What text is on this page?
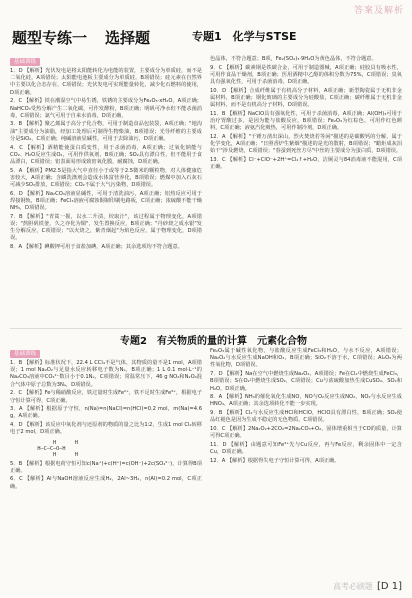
答案及解析
题型专练一 选择题	专题1　化学与STSE
基础训练
1．D 【解析】光伏发电是将太阳能转化为电能的装置，主要成分为单质硅，而不是二氧化硅，A项错误；太阳能电池板主要成分为单质硅，B项错误；硅元素在自然界中主要以化合态存在，C项错误；光伏发电可实现能量转化，减少化石燃料的使用，D项正确。
2．C 【解析】铁在潮湿空气中易生锈，铁锈的主要成分为Fe₂O₃·xH₂O，A项正确；NaHCO₃受热分解产生二氧化碳，可作发酵粉，B项正确；明矾可净水但不能杀菌消毒，C项错误；氯气可用于自来水消毒，D项正确。
3．B 【解析】聚乙烯属于高分子化合物，可用于制造食品包装袋，A项正确；"地沟油"主要成分为油脂，经加工处理后可制得生物柴油，B项错误；光导纤维的主要成分是SiO₂，C项正确；纯碱溶液显碱性，可用于去除油污，D项正确。
4．C 【解析】酒精能使蛋白质变性，用于杀菌消毒，A项正确；过氧化钠能与CO₂、H₂O反应生成O₂，可用作供氧剂，B项正确；SO₂具有漂白性，但不能用于食品漂白，C项错误；铝表面易形成致密氧化膜，耐腐蚀，D项正确。
5．A 【解析】PM2.5是指大气中直径小于或等于2.5微米的颗粒物，对人体健康危害较大，A项正确；含磷洗涤剂会造成水体富营养化，B项错误；燃煤中加入石灰石可减少SO₂排放，C项错误；CO₂不属于大气污染物，D项错误。
6．D 【解析】Na₂CO₃溶液显碱性，可用于清洗油污，A项正确；铝热反应可用于焊接钢轨，B项正确；FeCl₃溶液可腐蚀铜制印刷电路板，C项正确；浓硫酸不能干燥NH₃，D项错误。
7．B 【解析】"青蒿一握，以水二升渍，绞取汁"，该过程属于物理变化，A项错误；"熬胆矾铁釜，久之亦化为铜"，发生置换反应，B项正确；"丹砂烧之成水银"发生分解反应，C项错误；"以火烧之，紫青烟起"为焰色反应，属于物理变化，D项错误。
8．A 【解析】碘酸钾可用于食盐加碘，A项正确；其余选项均不符合题意。
色晶体，不符合题意；B项，Fe₂(SO₄)₃·9H₂O为黄色晶体，不符合题意。
9．C 【解析】碳素钢是铁碳合金，可用于制造器械，A项正确；硅胶具有吸水性，可用作食品干燥剂，B项正确；医用酒精中乙醇的体积分数为75%，C项错误；臭氧具有强氧化性，可用于杀菌消毒，D项正确。
10．D 【解析】合成纤维属于有机高分子材料，A项正确；新型陶瓷属于无机非金属材料，B项正确；钢化玻璃的主要成分为硅酸盐，C项正确；碳纤维属于无机非金属材料，而不是有机高分子材料，D项错误。
11．B 【解析】NaClO具有强氧化性，可用于杀菌消毒，A项正确；Al(OH)₃可用于治疗胃酸过多，是因为能与盐酸反应，B项错误；Fe₂O₃为红棕色，可用作红色颜料，C项正确；液氨汽化吸热，可用作制冷剂，D项正确。
12．A 【解析】"千锤万凿出深山，烈火焚烧若等闲"描述的是碳酸钙的分解，属于化学变化，A项正确；"日照香炉生紫烟"描述的是光的散射，B项错误；"蜡炬成灰泪始干"涉及燃烧，C项错误；"春蚕到死丝方尽"中丝的主要成分为蛋白质，D项错误。
13．C 【解析】Cl⁻+ClO⁻+2H⁺=Cl₂↑+H₂O，洁厕灵与84消毒液不能混用，C项正确。
专题2　有关物质的量的计算　元素化合物
基础训练
1．B 【解析】标准状况下，22.4 L CCl₄不是气体，其物质的量不是1 mol，A项错误；1 mol Na₂O₂与足量水反应转移电子数为Nₐ，B项正确；1 L 0.1 mol·L⁻¹的Na₂CO₃溶液中CO₃²⁻数目小于0.1Nₐ，C项错误；常温常压下，46 g NO₂和N₂O₄混合气体中原子总数为3Nₐ，D项错误。
2．C 【解析】Fe与稀硝酸反应，铁过量时生成Fe²⁺，铁不足时生成Fe³⁺，根据电子守恒计算可得，C项正确。
3．A 【解析】根据原子守恒，n(Na)=n(NaCl)=n(HCl)=0.2 mol，m(Na)=4.6 g，A项正确。
4．D 【解析】该反应中氧化剂与还原剂的物质的量之比为1∶2，生成1 mol Cl₂转移电子2 mol，D项正确。
H      H
H—C—C—O—H
H      H
5．B 【解析】根据电荷守恒可知c(Na⁺)+c(H⁺)=c(OH⁻)+2c(SO₄²⁻)，计算得B项正确。
6．C 【解析】Al与NaOH溶液反应生成H₂，2Al~3H₂，n(Al)=0.2 mol，C项正确。
Fe₂O₃属于碱性氧化物，与盐酸反应生成FeCl₃和H₂O，与水不反应，A项错误；Na₂O₂与水反应生成NaOH和O₂，B项正确；SiO₂不溶于水，C项错误；Al₂O₃为两性氧化物，D项错误。
7．D 【解析】Na在空气中燃烧生成Na₂O₂，A项错误；Fe在Cl₂中燃烧生成FeCl₃，B项错误；S在O₂中燃烧生成SO₂，C项错误；Cu与浓硫酸加热生成CuSO₄、SO₂和H₂O，D项正确。
8．A 【解析】NH₃的催化氧化生成NO，NO与O₂反应生成NO₂，NO₂与水反应生成HNO₃，A项正确；其余选项转化不能一步实现。
9．B 【解析】Cl₂与水反应生成HCl和HClO，HClO具有漂白性，B项正确；SO₂使品红褪色是因为生成不稳定的无色物质，C项错误。
10．C 【解析】2Na₂O₂+2CO₂=2Na₂CO₃+O₂，固体增重相当于CO的质量，计算可得C项正确。
11．D 【解析】由题意可知Fe³⁺先与Cu反应，再与Fe反应，剩余固体中一定含Cu，D项正确。
12．A 【解析】根据得失电子守恒计算可得，A项正确。
高考必刷题 [D 1]
